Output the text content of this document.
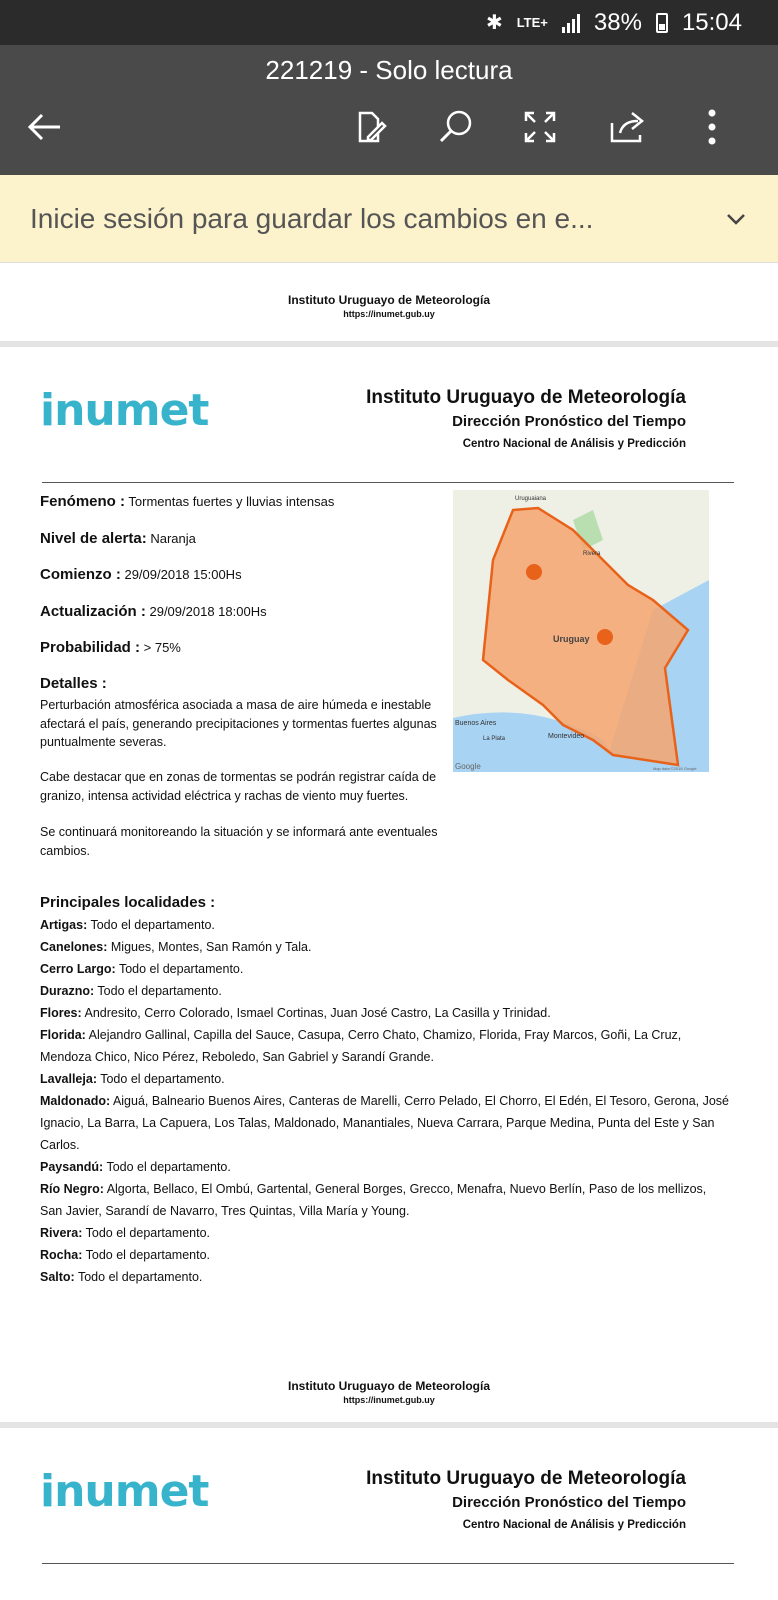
✱ LTE+ 38% 15:04
221219 - Solo lectura
Inicie sesión para guardar los cambios en e...
Instituto Uruguayo de Meteorología
https://inumet.gub.uy
inumet	Instituto Uruguayo de Meteorología
Dirección Pronóstico del Tiempo
Centro Nacional de Análisis y Predicción
Fenómeno : Tormentas fuertes y lluvias intensas
Nivel de alerta: Naranja
Comienzo : 29/09/2018 15:00Hs
Actualización : 29/09/2018 18:00Hs
Probabilidad : > 75%
Detalles :
Perturbación atmosférica asociada a masa de aire húmeda e inestable afectará el país, generando precipitaciones y tormentas fuertes algunas puntualmente severas.
Cabe destacar que en zonas de tormentas se podrán registrar caída de granizo, intensa actividad eléctrica y rachas de viento muy fuertes.
Se continuará monitoreando la situación y se informará ante eventuales cambios.
Uruguay
Montevideo
Buenos Aires
La Plata
Uruguaiana
Rivera
Google	Map data ©2018 Google
Principales localidades :
Artigas: Todo el departamento.
Canelones: Migues, Montes, San Ramón y Tala.
Cerro Largo: Todo el departamento.
Durazno: Todo el departamento.
Flores: Andresito, Cerro Colorado, Ismael Cortinas, Juan José Castro, La Casilla y Trinidad.
Florida: Alejandro Gallinal, Capilla del Sauce, Casupa, Cerro Chato, Chamizo, Florida, Fray Marcos, Goñi, La Cruz, Mendoza Chico, Nico Pérez, Reboledo, San Gabriel y Sarandí Grande.
Lavalleja: Todo el departamento.
Maldonado: Aiguá, Balneario Buenos Aires, Canteras de Marelli, Cerro Pelado, El Chorro, El Edén, El Tesoro, Gerona, José Ignacio, La Barra, La Capuera, Los Talas, Maldonado, Manantiales, Nueva Carrara, Parque Medina, Punta del Este y San Carlos.
Paysandú: Todo el departamento.
Río Negro: Algorta, Bellaco, El Ombú, Gartental, General Borges, Grecco, Menafra, Nuevo Berlín, Paso de los mellizos, San Javier, Sarandí de Navarro, Tres Quintas, Villa María y Young.
Rivera: Todo el departamento.
Rocha: Todo el departamento.
Salto: Todo el departamento.
Instituto Uruguayo de Meteorología
https://inumet.gub.uy
inumet	Instituto Uruguayo de Meteorología
Dirección Pronóstico del Tiempo
Centro Nacional de Análisis y Predicción
